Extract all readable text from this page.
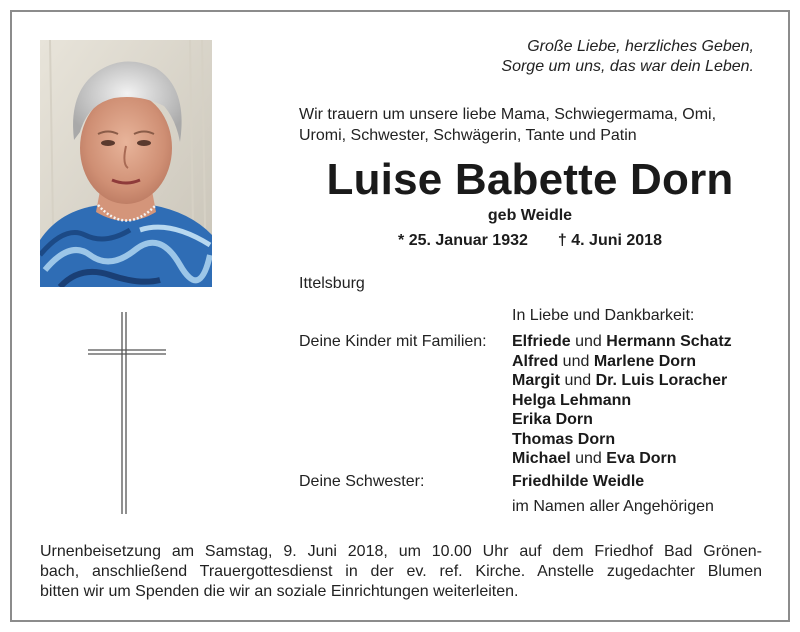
Große Liebe, herzliches Geben,
Sorge um uns, das war dein Leben.
Wir trauern um unsere liebe Mama, Schwiegermama, Omi,
Uromi, Schwester, Schwägerin, Tante und Patin
Luise Babette Dorn
geb Weidle
* 25. Januar 1932 † 4. Juni 2018
Ittelsburg
In Liebe und Dankbarkeit:
Deine Kinder mit Familien: Elfriede und Hermann Schatz
Alfred und Marlene Dorn
Margit und Dr. Luis Loracher
Helga Lehmann
Erika Dorn
Thomas Dorn
Michael und Eva Dorn
Deine Schwester:	Friedhilde Weidle
im Namen aller Angehörigen
Urnenbeisetzung am Samstag, 9. Juni 2018, um 10.00 Uhr auf dem Friedhof Bad Grönen-
bach, anschließend Trauergottesdienst in der ev. ref. Kirche. Anstelle zugedachter Blumen
bitten wir um Spenden die wir an soziale Einrichtungen weiterleiten.
